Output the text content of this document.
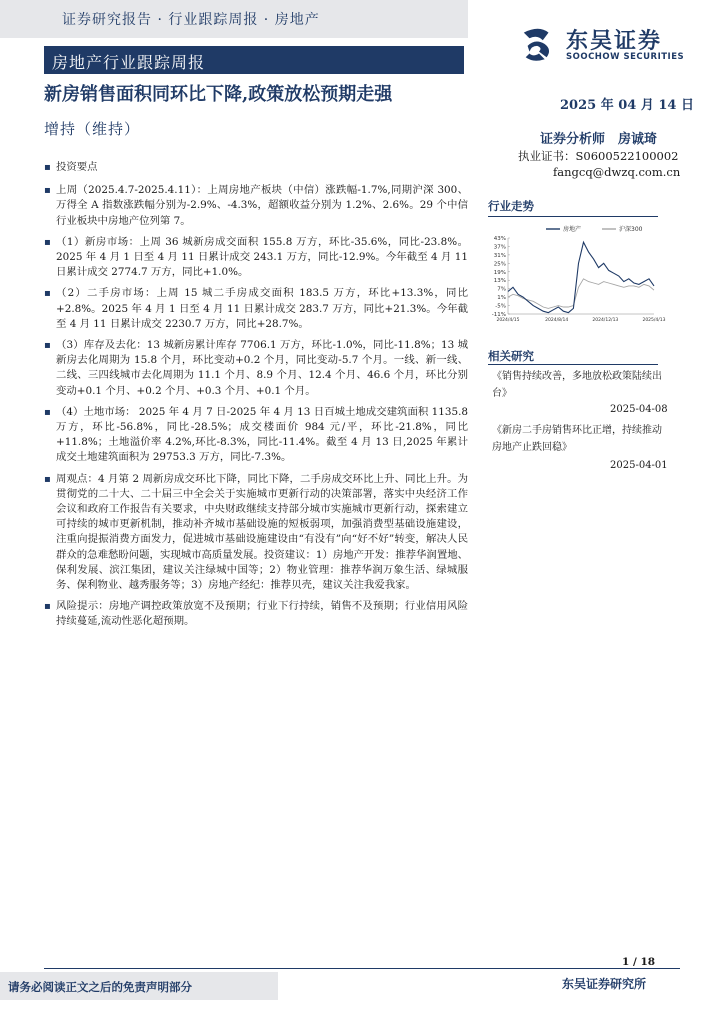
证券研究报告 · 行业跟踪周报 · 房地产
房地产行业跟踪周报
东吴证券
SOOCHOW SECURITIES
新房销售面积同环比下降,政策放松预期走强
2025 年 04 月 14 日
增持（维持）
证券分析师　房诚琦
执业证书：S0600522100002
fangcq@dwzq.com.cn
▪ 投资要点
▪ 上周（2025.4.7-2025.4.11）：上周房地产板块（中信）涨跌幅-1.7%,同期沪深 300、万得全 A 指数涨跌幅分别为-2.9%、-4.3%，超额收益分别为 1.2%、2.6%。29 个中信行业板块中房地产位列第 7。
▪ （1）新房市场：上周 36 城新房成交面积 155.8 万方，环比-35.6%，同比-23.8%。2025 年 4 月 1 日至 4 月 11 日累计成交 243.1 万方，同比-12.9%。今年截至 4 月 11 日累计成交 2774.7 万方，同比+1.0%。
▪ （2）二手房市场：上周 15 城二手房成交面积 183.5 万方，环比+13.3%，同比+2.8%。2025 年 4 月 1 日至 4 月 11 日累计成交 283.7 万方，同比+21.3%。今年截至 4 月 11 日累计成交 2230.7 万方，同比+28.7%。
▪ （3）库存及去化：13 城新房累计库存 7706.1 万方，环比-1.0%，同比-11.8%；13 城新房去化周期为 15.8 个月，环比变动+0.2 个月，同比变动-5.7 个月。一线、新一线、二线、三四线城市去化周期为 11.1 个月、8.9 个月、12.4 个月、46.6 个月，环比分别变动+0.1 个月、+0.2 个月、+0.3 个月、+0.1 个月。
▪ （4）土地市场： 2025 年 4 月 7 日-2025 年 4 月 13 日百城土地成交建筑面积 1135.8 万方，环比-56.8%，同比-28.5%；成交楼面价 984 元/平，环比-21.8%，同比+11.8%；土地溢价率 4.2%,环比-8.3%，同比-11.4%。截至 4 月 13 日,2025 年累计成交土地建筑面积为 29753.3 万方，同比-7.3%。
▪ 周观点：4 月第 2 周新房成交环比下降，同比下降，二手房成交环比上升、同比上升。为贯彻党的二十大、二十届三中全会关于实施城市更新行动的决策部署，落实中央经济工作会议和政府工作报告有关要求，中央财政继续支持部分城市实施城市更新行动，探索建立可持续的城市更新机制，推动补齐城市基础设施的短板弱项，加强消费型基础设施建设，注重向提振消费方面发力，促进城市基础设施建设由“有没有”向“好不好”转变，解决人民群众的急难愁盼问题，实现城市高质量发展。投资建议：1）房地产开发：推荐华润置地、保利发展、滨江集团，建议关注绿城中国等；2）物业管理：推荐华润万象生活、绿城服务、保利物业、越秀服务等；3）房地产经纪：推荐贝壳，建议关注我爱我家。
▪ 风险提示：房地产调控政策放宽不及预期；行业下行持续，销售不及预期；行业信用风险持续蔓延,流动性恶化超预期。
行业走势
43%
37%
31%
25%
19%
13%
7%
1%
-5%
-11%
2024/4/15	2024/8/14	2024/12/13	2025/4/13
房地产	沪深300
相关研究
《销售持续改善，多地放松政策陆续出台》
2025-04-08
《新房二手房销售环比正增，持续推动房地产止跌回稳》
2025-04-01
1 / 18
请务必阅读正文之后的免责声明部分	东吴证券研究所
